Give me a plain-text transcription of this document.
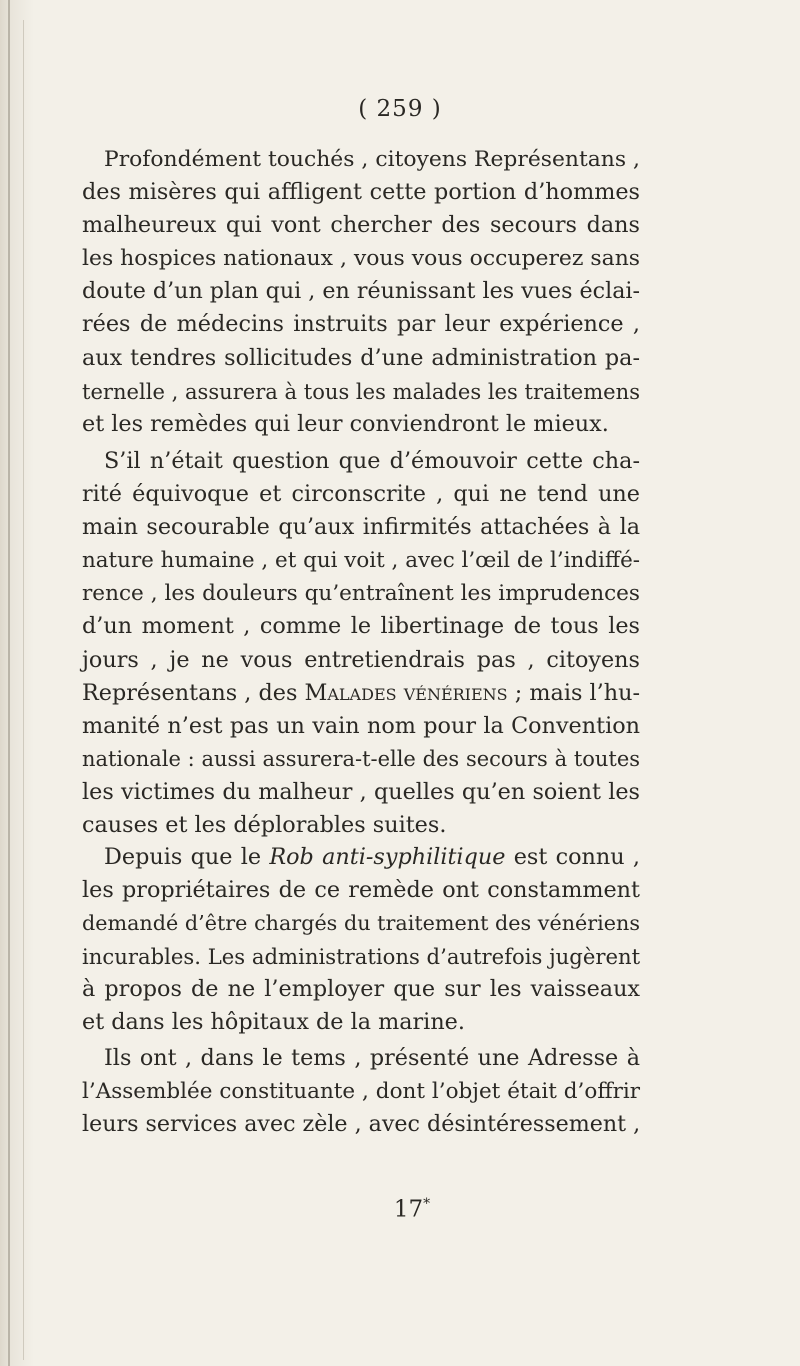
( 259 )
Profondément touchés , citoyens Représentans ,
des misères qui affligent cette portion d’hommes
malheureux qui vont chercher des secours dans
les hospices nationaux , vous vous occuperez sans
doute d’un plan qui , en réunissant les vues éclai-
rées de médecins instruits par leur expérience ,
aux tendres sollicitudes d’une administration pa-
ternelle , assurera à tous les malades les traitemens
et les remèdes qui leur conviendront le mieux.
S’il n’était question que d’émouvoir cette cha-
rité équivoque et circonscrite , qui ne tend une
main secourable qu’aux infirmités attachées à la
nature humaine , et qui voit , avec l’œil de l’indiffé-
rence , les douleurs qu’entraînent les imprudences
d’un moment , comme le libertinage de tous les
jours , je ne vous entretiendrais pas , citoyens
Représentans , des Malades vénériens ; mais l’hu-
manité n’est pas un vain nom pour la Convention
nationale : aussi assurera-t-elle des secours à toutes
les victimes du malheur , quelles qu’en soient les
causes et les déplorables suites.
Depuis que le Rob anti-syphilitique est connu ,
les propriétaires de ce remède ont constamment
demandé d’être chargés du traitement des vénériens
incurables. Les administrations d’autrefois jugèrent
à propos de ne l’employer que sur les vaisseaux
et dans les hôpitaux de la marine.
Ils ont , dans le tems , présenté une Adresse à
l’Assemblée constituante , dont l’objet était d’offrir
leurs services avec zèle , avec désintéressement ,
17*
